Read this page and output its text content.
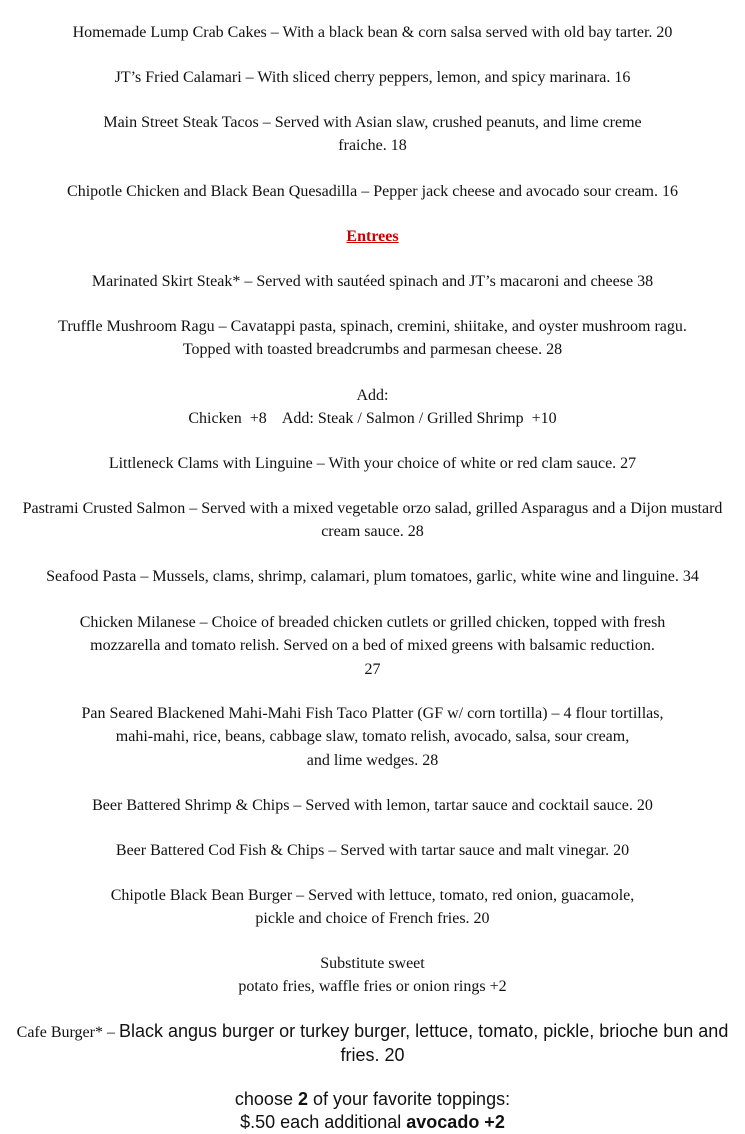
Homemade Lump Crab Cakes – With a black bean & corn salsa served with old bay tarter. 20
JT’s Fried Calamari – With sliced cherry peppers, lemon, and spicy marinara. 16
Main Street Steak Tacos – Served with Asian slaw, crushed peanuts, and lime creme
fraiche. 18
Chipotle Chicken and Black Bean Quesadilla – Pepper jack cheese and avocado sour cream. 16
Entrees
Marinated Skirt Steak* – Served with sautéed spinach and JT’s macaroni and cheese 38
Truffle Mushroom Ragu – Cavatappi pasta, spinach, cremini, shiitake, and oyster mushroom ragu.
Topped with toasted breadcrumbs and parmesan cheese. 28
Add:
Chicken  +8    Add: Steak / Salmon / Grilled Shrimp  +10
Littleneck Clams with Linguine – With your choice of white or red clam sauce. 27
Pastrami Crusted Salmon – Served with a mixed vegetable orzo salad, grilled Asparagus and a Dijon mustard
cream sauce. 28
Seafood Pasta – Mussels, clams, shrimp, calamari, plum tomatoes, garlic, white wine and linguine. 34
Chicken Milanese – Choice of breaded chicken cutlets or grilled chicken, topped with fresh
mozzarella and tomato relish. Served on a bed of mixed greens with balsamic reduction.
27
Pan Seared Blackened Mahi-Mahi Fish Taco Platter (GF w/ corn tortilla) – 4 flour tortillas,
mahi-mahi, rice, beans, cabbage slaw, tomato relish, avocado, salsa, sour cream,
and lime wedges. 28
Beer Battered Shrimp & Chips – Served with lemon, tartar sauce and cocktail sauce. 20
Beer Battered Cod Fish & Chips – Served with tartar sauce and malt vinegar. 20
Chipotle Black Bean Burger – Served with lettuce, tomato, red onion, guacamole,
pickle and choice of French fries. 20
Substitute sweet
potato fries, waffle fries or onion rings +2
Cafe Burger* – Black angus burger or turkey burger, lettuce, tomato, pickle, brioche bun and
fries. 20
choose 2 of your favorite toppings:
$.50 each additional avocado +2
